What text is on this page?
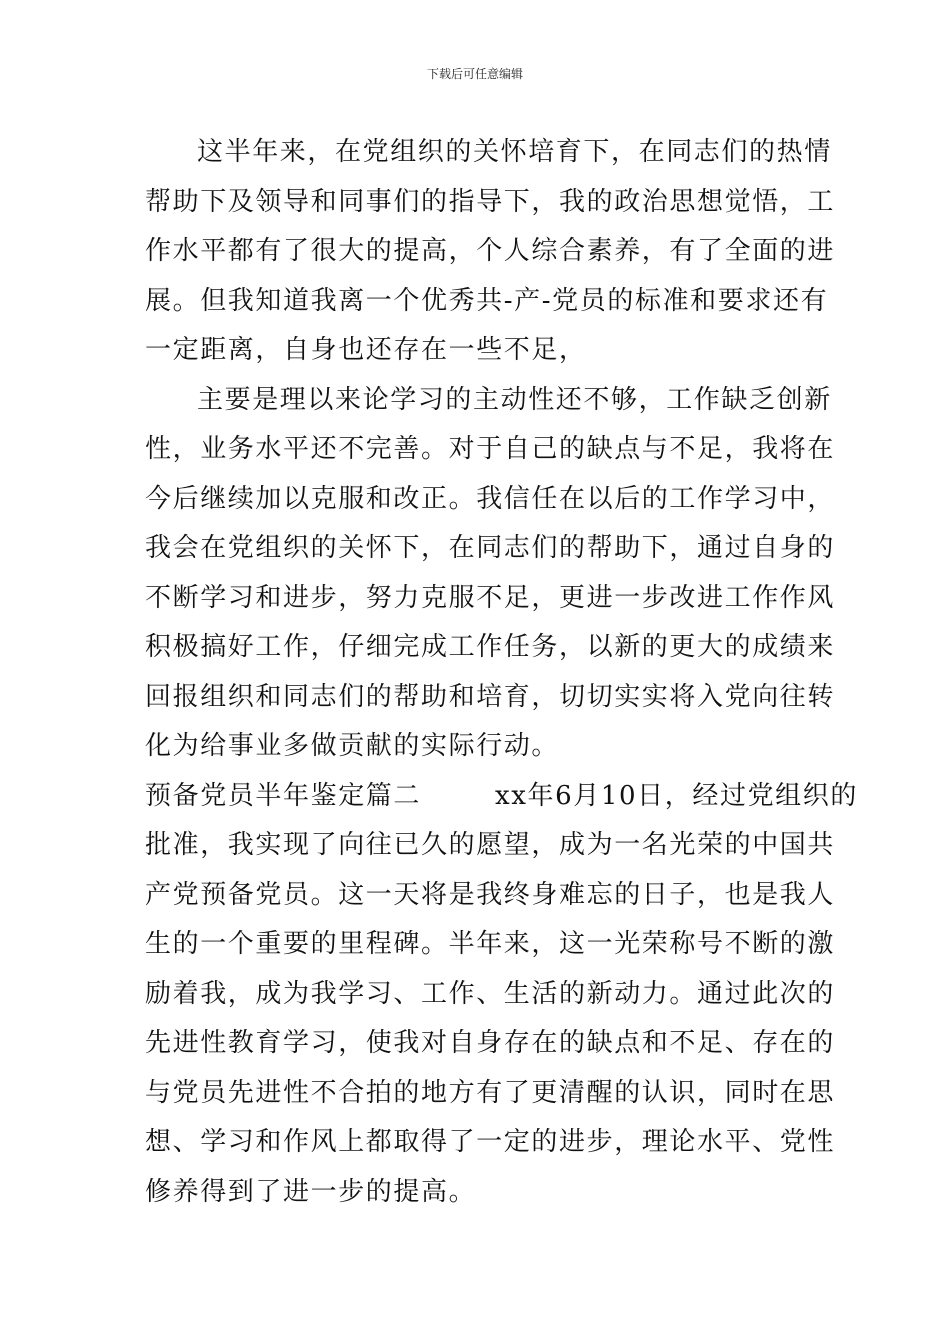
下载后可任意编辑
这半年来，在党组织的关怀培育下，在同志们的热情
帮助下及领导和同事们的指导下，我的政治思想觉悟，工
作水平都有了很大的提高，个人综合素养，有了全面的进
展。但我知道我离一个优秀共-产-党员的标准和要求还有
一定距离，自身也还存在一些不足，
主要是理以来论学习的主动性还不够，工作缺乏创新
性，业务水平还不完善。对于自己的缺点与不足，我将在
今后继续加以克服和改正。我信任在以后的工作学习中，
我会在党组织的关怀下，在同志们的帮助下，通过自身的
不断学习和进步，努力克服不足，更进一步改进工作作风
积极搞好工作，仔细完成工作任务，以新的更大的成绩来
回报组织和同志们的帮助和培育，切切实实将入党向往转
化为给事业多做贡献的实际行动。
预备党员半年鉴定篇二	xx年6月10日，经过党组织的
批准，我实现了向往已久的愿望，成为一名光荣的中国共
产党预备党员。这一天将是我终身难忘的日子，也是我人
生的一个重要的里程碑。半年来，这一光荣称号不断的激
励着我，成为我学习、工作、生活的新动力。通过此次的
先进性教育学习，使我对自身存在的缺点和不足、存在的
与党员先进性不合拍的地方有了更清醒的认识，同时在思
想、学习和作风上都取得了一定的进步，理论水平、党性
修养得到了进一步的提高。
